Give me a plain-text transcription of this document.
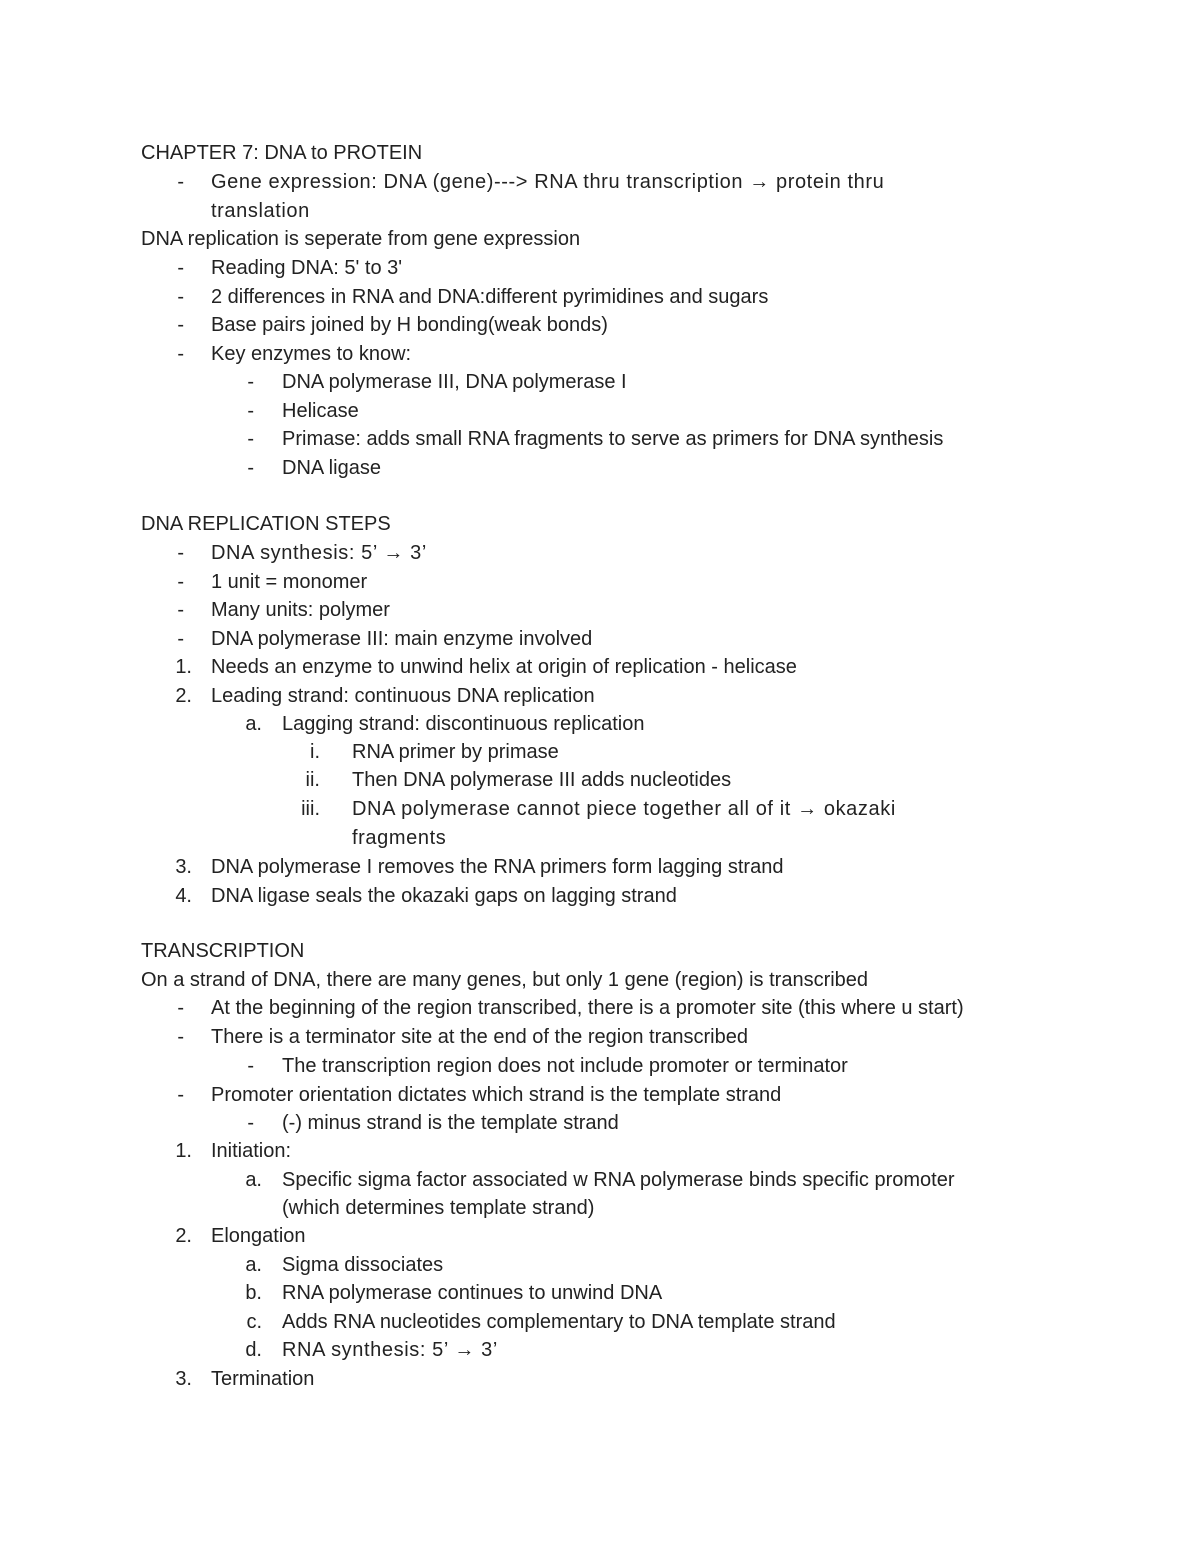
CHAPTER 7: DNA to PROTEIN
- Gene expression: DNA (gene)---> RNA thru transcription → protein thru
translation
DNA replication is seperate from gene expression
- Reading DNA: 5' to 3'
- 2 differences in RNA and DNA:different pyrimidines and sugars
- Base pairs joined by H bonding(weak bonds)
- Key enzymes to know:
- DNA polymerase III, DNA polymerase I
- Helicase
- Primase: adds small RNA fragments to serve as primers for DNA synthesis
- DNA ligase
DNA REPLICATION STEPS
- DNA synthesis: 5’ → 3’
- 1 unit = monomer
- Many units: polymer
- DNA polymerase III: main enzyme involved
1. Needs an enzyme to unwind helix at origin of replication - helicase
2. Leading strand: continuous DNA replication
a. Lagging strand: discontinuous replication
i. RNA primer by primase
ii. Then DNA polymerase III adds nucleotides
iii. DNA polymerase cannot piece together all of it → okazaki
fragments
3. DNA polymerase I removes the RNA primers form lagging strand
4. DNA ligase seals the okazaki gaps on lagging strand
TRANSCRIPTION
On a strand of DNA, there are many genes, but only 1 gene (region) is transcribed
- At the beginning of the region transcribed, there is a promoter site (this where u start)
- There is a terminator site at the end of the region transcribed
- The transcription region does not include promoter or terminator
- Promoter orientation dictates which strand is the template strand
- (-) minus strand is the template strand
1. Initiation:
a. Specific sigma factor associated w RNA polymerase binds specific promoter
(which determines template strand)
2. Elongation
a. Sigma dissociates
b. RNA polymerase continues to unwind DNA
c. Adds RNA nucleotides complementary to DNA template strand
d. RNA synthesis: 5’ → 3’
3. Termination
